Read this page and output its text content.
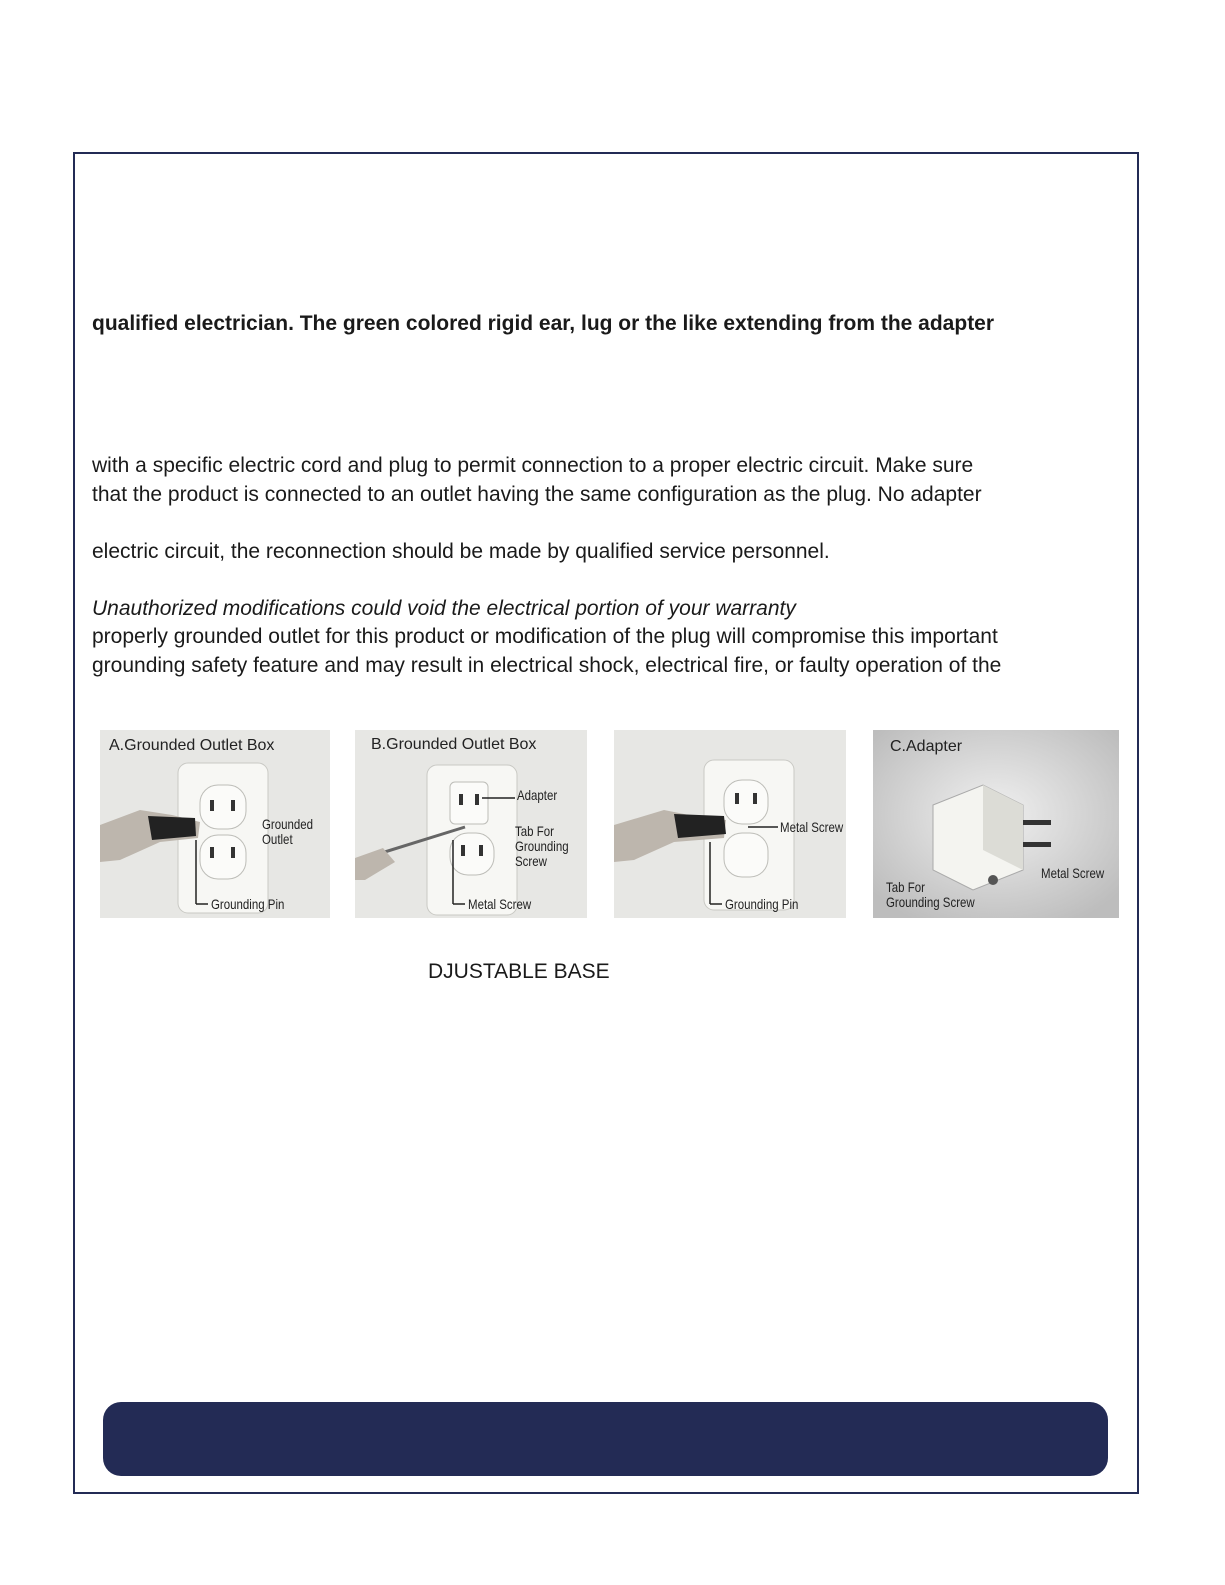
qualified electrician. The green colored rigid ear, lug or the like extending from the adapter
with a specific electric cord and plug to permit connection to a proper electric circuit. Make sure
that the product is connected to an outlet having the same configuration as the plug. No adapter
electric circuit, the reconnection should be made by qualified service personnel.
Unauthorized modifications could void the electrical portion of your warranty
properly grounded outlet for this product or modification of the plug will compromise this important
grounding safety feature and may result in electrical shock, electrical fire, or faulty operation of the
A.Grounded Outlet Box
Grounded
Outlet
Grounding Pin
B.Grounded Outlet Box
Adapter
Tab For
Grounding
Screw
Metal Screw
Metal Screw
Grounding Pin
C.Adapter
Metal Screw
Tab For
Grounding Screw
DJUSTABLE BASE
